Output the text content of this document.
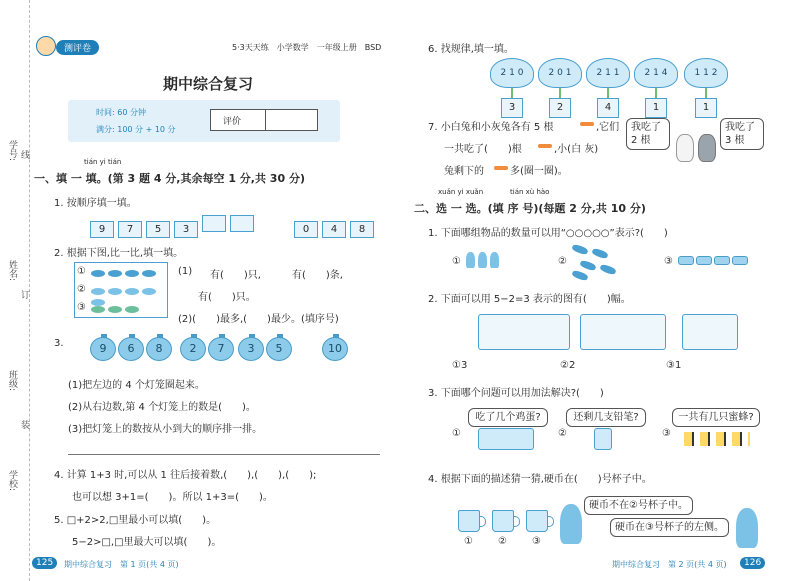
学校:
班级:
姓名:
学号:
装
订
线
测评卷	5·3天天练　小学数学　一年级上册　BSD
期中综合复习
时间: 60 分钟
满分: 100 分 + 10 分
评价
tián yi tián
一、填 一 填。(第 3 题 4 分,其余每空 1 分,共 30 分)
1. 按顺序填一填。
9 7 5 3	0 4 8
2. 根据下图,比一比,填一填。
①
②
③
(1) 有(　　)只,	有(　　)条,
有(　　)只。
(2)(　　)最多,(　　)最少。(填序号)
3.	9	6	8	2	7	3	5	10
(1)把左边的 4 个灯笼圈起来。
(2)从右边数,第 4 个灯笼上的数是(　　)。
(3)把灯笼上的数按从小到大的顺序排一排。
4. 计算 1+3 时,可以从 1 往后接着数,(　　),(　　),(　　);
也可以想 3+1=(　　)。所以 1+3=(　　)。
5. □+2>2,□里最小可以填(　　)。
5−2>□,□里最大可以填(　　)。
125	期中综合复习　第 1 页(共 4 页)	期中综合复习　第 2 页(共 4 页)	126
6. 找规律,填一填。
2 1 0
3
2 0 1
2
2 1 1
4
2 1 4
1
1 1 2
1
7. 小白兔和小灰兔各有 5 根	,它们
一共吃了(　　)根	,小(白 灰)
兔剩下的	多(圈一圈)。
我吃了 2 根
我吃了 3 根
xuǎn yi xuǎn	tián xù hào
二、选 一 选。(填 序 号)(每题 2 分,共 10 分)
1. 下面哪组物品的数量可以用“○○○○○”表示?(　　)
①	②	③
2. 下面可以用 5−2=3 表示的图有(　　)幅。
①3	②2	③1
3. 下面哪个问题可以用加法解决?(　　)
①
吃了几个鸡蛋?
②
还剩几支铅笔?
③
一共有几只蜜蜂?
4. 根据下面的描述猜一猜,硬币在(　　)号杯子中。
①	②	③
硬币不在②号杯子中。
硬币在③号杯子的左侧。
